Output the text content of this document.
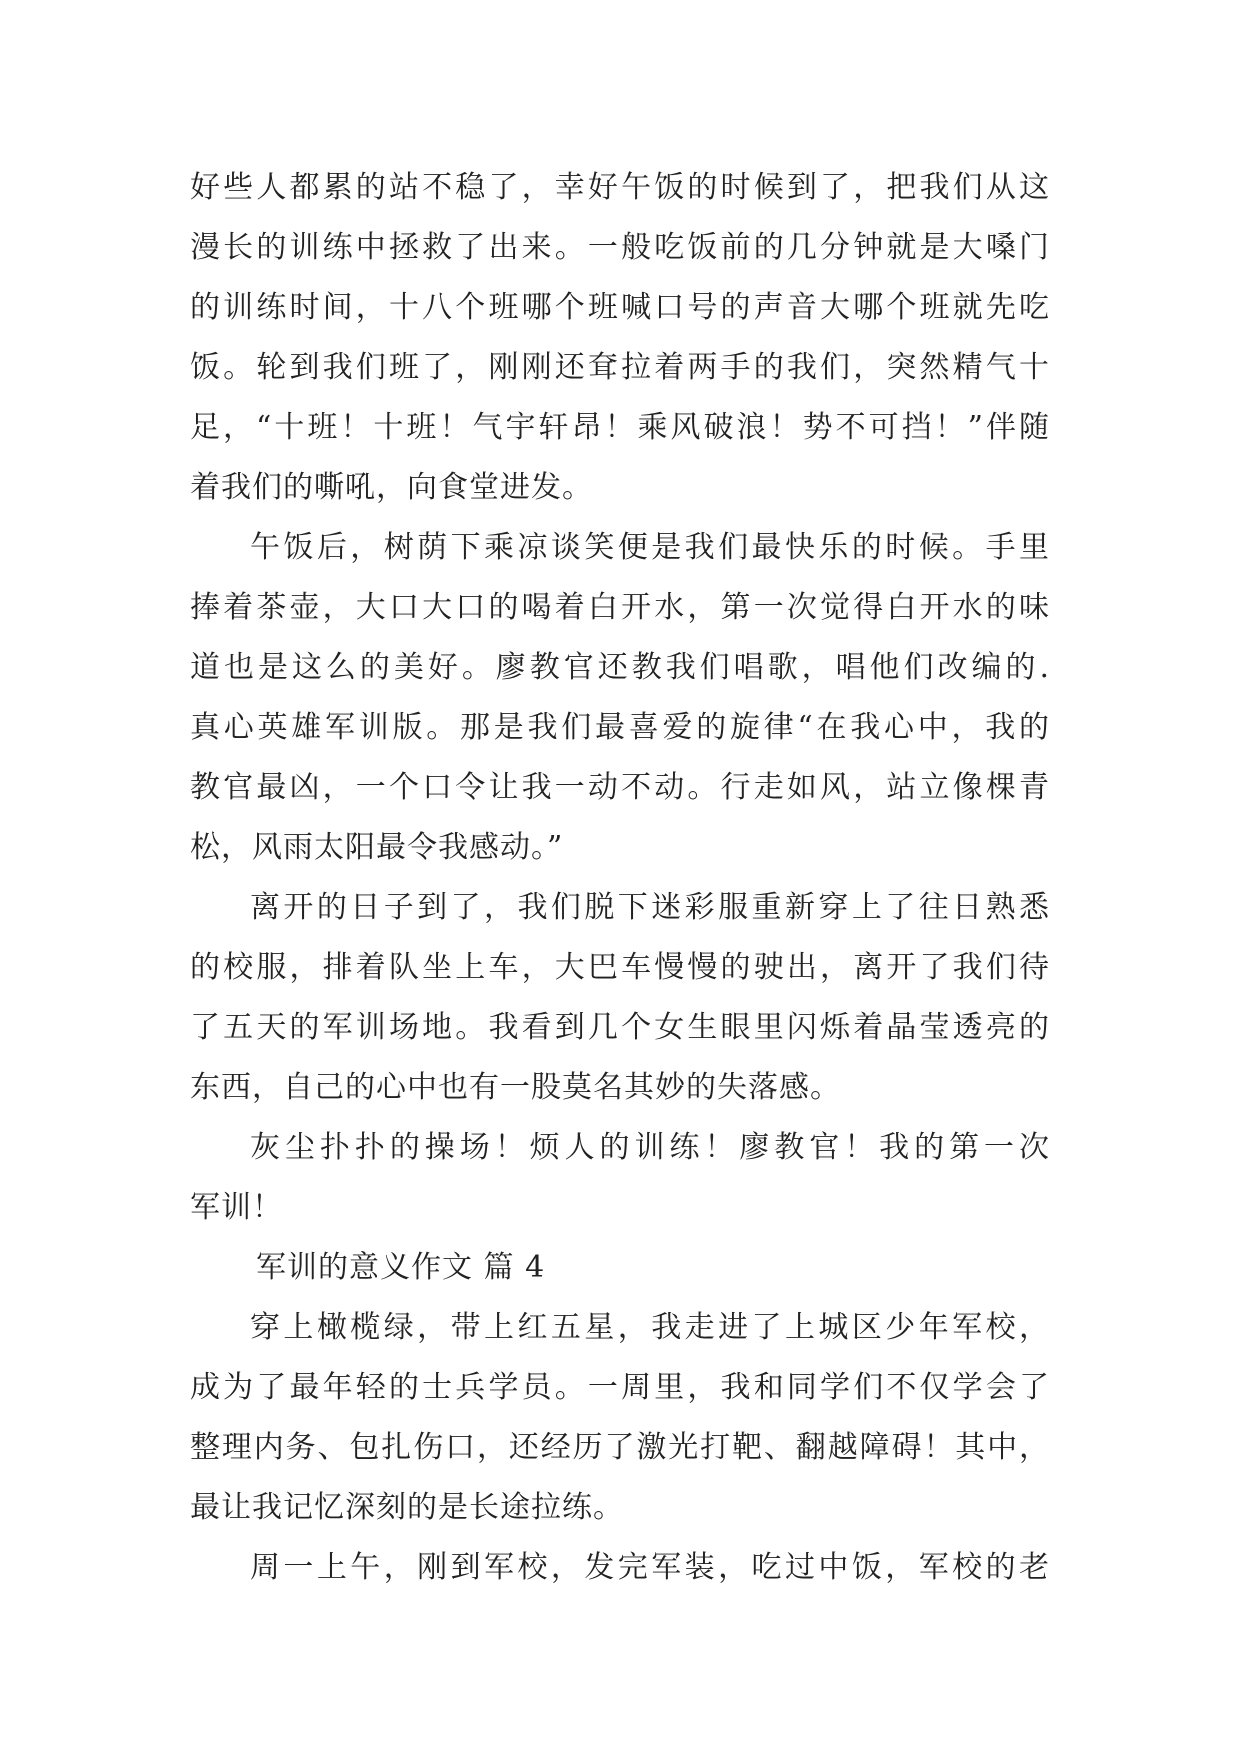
好些人都累的站不稳了，幸好午饭的时候到了，把我们从这
漫长的训练中拯救了出来。一般吃饭前的几分钟就是大嗓门
的训练时间，十八个班哪个班喊口号的声音大哪个班就先吃
饭。轮到我们班了，刚刚还耷拉着两手的我们，突然精气十
足，“十班！十班！气宇轩昂！乘风破浪！势不可挡！”伴随
着我们的嘶吼，向食堂进发。
午饭后，树荫下乘凉谈笑便是我们最快乐的时候。手里
捧着茶壶，大口大口的喝着白开水，第一次觉得白开水的味
道也是这么的美好。廖教官还教我们唱歌，唱他们改编的.
真心英雄军训版。那是我们最喜爱的旋律“在我心中，我的
教官最凶，一个口令让我一动不动。行走如风，站立像棵青
松，风雨太阳最令我感动。”
离开的日子到了，我们脱下迷彩服重新穿上了往日熟悉
的校服，排着队坐上车，大巴车慢慢的驶出，离开了我们待
了五天的军训场地。我看到几个女生眼里闪烁着晶莹透亮的
东西，自己的心中也有一股莫名其妙的失落感。
灰尘扑扑的操场！烦人的训练！廖教官！我的第一次
军训！
军训的意义作文 篇 4
穿上橄榄绿，带上红五星，我走进了上城区少年军校，
成为了最年轻的士兵学员。一周里，我和同学们不仅学会了
整理内务、包扎伤口，还经历了激光打靶、翻越障碍！其中，
最让我记忆深刻的是长途拉练。
周一上午，刚到军校，发完军装，吃过中饭，军校的老
